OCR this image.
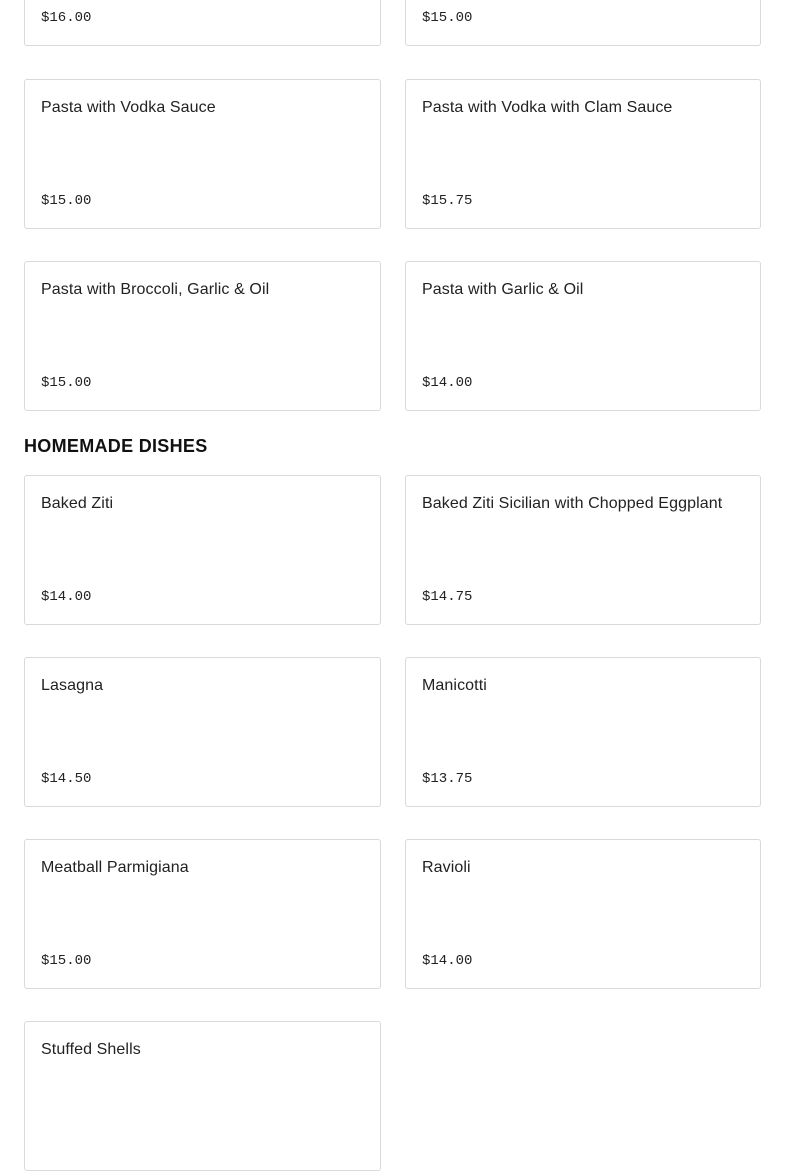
$16.00	$15.00
Pasta with Vodka Sauce
$15.00
Pasta with Vodka with Clam Sauce
$15.75
Pasta with Broccoli, Garlic & Oil
$15.00
Pasta with Garlic & Oil
$14.00
HOMEMADE DISHES
Baked Ziti
$14.00
Baked Ziti Sicilian with Chopped Eggplant
$14.75
Lasagna
$14.50
Manicotti
$13.75
Meatball Parmigiana
$15.00
Ravioli
$14.00
Stuffed Shells
